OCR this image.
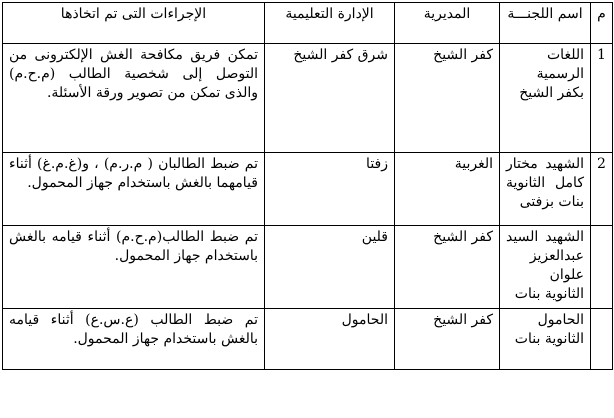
م	اسم اللجنـــة	المديرية	الإدارة التعليمية	الإجراءات التى تم اتخاذها
1	اللغات الرسمية بكفر الشيخ	كفر الشيخ	شرق كفر الشيخ	تمكن فريق مكافحة الغش الإلكترونى من التوصل إلى شخصية الطالب (م.ح.م) والذى تمكن من تصوير ورقة الأسئلة.
2	الشهيد مختار كامل الثانوية بنات بزفتى	الغربية	زفتا	تم ضبط الطالبان ( م.ر.م) ، و(غ.م.غ) أثناء قيامهما بالغش باستخدام جهاز المحمول.
	الشهيد السيد عبدالعزيز علوان الثانوية بنات	كفر الشيخ	قلين	تم ضبط الطالب(م.ح.م) أثناء قيامه بالغش باستخدام جهاز المحمول.
	الحامول الثانوية بنات	كفر الشيخ	الحامول	تم ضبط الطالب (ع.س.ع) أثناء قيامه بالغش باستخدام جهاز المحمول.
